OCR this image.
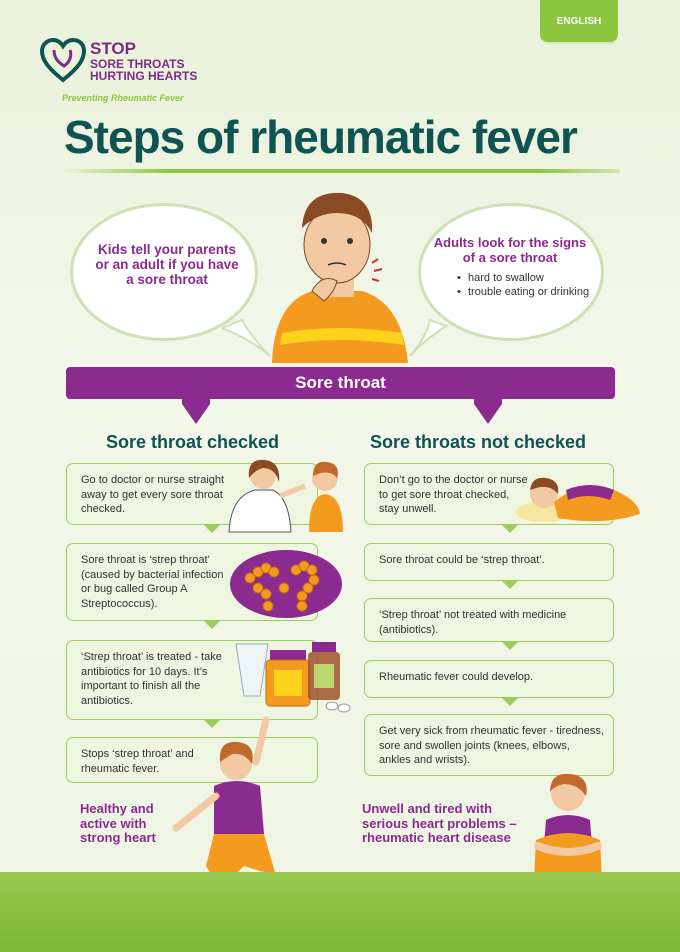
ENGLISH
STOP
SORE THROATS
HURTING HEARTS
Preventing Rheumatic Fever
Steps of rheumatic fever
Kids tell your parents or an adult if you have a sore throat
Adults look for the signs of a sore throat
• hard to swallow
• trouble eating or drinking
Sore throat
Sore throat checked	Sore throats not checked
Go to doctor or nurse straight away to get every sore throat checked.
Sore throat is ‘strep throat’ (caused by bacterial infection or bug called Group A Streptococcus).
‘Strep throat’ is treated - take antibiotics for 10 days. It’s important to finish all the antibiotics.
Stops ‘strep throat’ and rheumatic fever.
Healthy and active with strong heart
Don’t go to the doctor or nurse to get sore throat checked, stay unwell.
Sore throat could be ‘strep throat’.
‘Strep throat’ not treated with medicine (antibiotics).
Rheumatic fever could develop.
Get very sick from rheumatic fever - tiredness, sore and swollen joints (knees, elbows, ankles and wrists).
Unwell and tired with serious heart problems – rheumatic heart disease
